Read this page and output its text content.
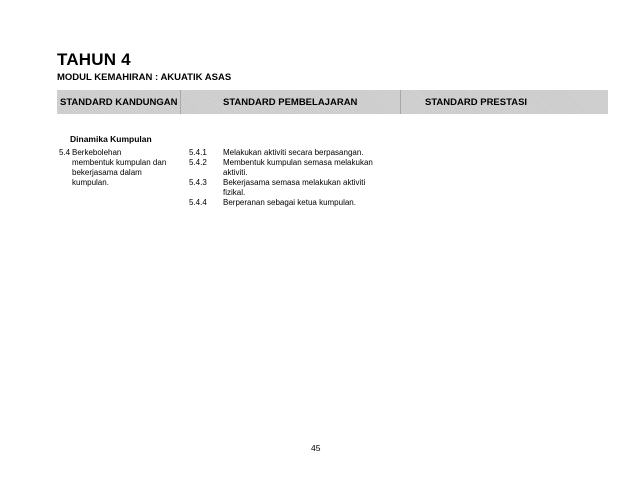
TAHUN 4
MODUL KEMAHIRAN : AKUATIK ASAS
STANDARD KANDUNGAN	STANDARD PEMBELAJARAN	STANDARD PRESTASI
Dinamika Kumpulan
5.4 Berkebolehan
membentuk kumpulan dan
bekerjasama dalam
kumpulan.
5.4.1 Melakukan aktiviti secara berpasangan.
5.4.2 Membentuk kumpulan semasa melakukan
aktiviti.
5.4.3 Bekerjasama semasa melakukan aktiviti
fizikal.
5.4.4 Berperanan sebagai ketua kumpulan.
45
